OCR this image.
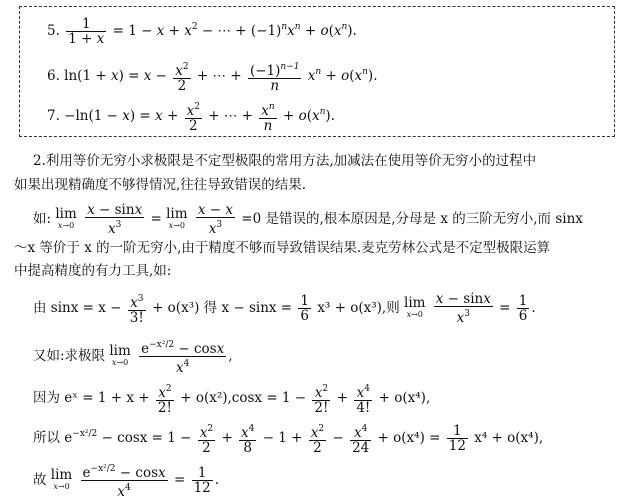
5. $\frac{1}{1 + x} = 1 - x + x^2$ − ⋯ + $(-1)^nx^n + o(x^n)$.
6. $\ln(1 + x) = x - \frac{x^2}{2}$ + ⋯ + $\frac{(-1)^{n-1}}{n} x^n + o(x^n)$.
7. $-\ln(1 - x) = x + \frac{x^2}{2}$ + ⋯ + $\frac{x^n}{n} + o(x^n)$.
2.利用等价无穷小求极限是不定型极限的常用方法,加减法在使用等价无穷小的过程中
如果出现精确度不够得情况,往往导致错误的结果.
如: lim
x→0
$\frac{x - \sin x}{x^3} = \lim$
x→0
$\frac{x - x}{x^3} =0$ 是错误的,根本原因是,分母是 x 的三阶无穷小,而 sinx
～x 等价于 x 的一阶无穷小,由于精度不够而导致错误结果.麦克劳林公式是不定型极限运算
中提高精度的有力工具,如:
由 $\sin x = x - \frac{x^3}{3!} + o(x^3)$ 得 $x - \sin x = \frac{1}{6} x^3 + o(x^3)$,则 lim
x→0
$\frac{x - \sin x}{x^3} = \frac{1}{6}$ .
又如:求极限 lim
x→0
$\frac{e^{-x^2/2} - \cos x}{x^4}$ ,
因为 eˣ = $1 + x + \frac{x^2}{2!} + o(x^2),\cos x = 1 - \frac{x^2}{2!} + \frac{x^4}{4!} + o(x^4)$,
所以 $e^{-x^2/2} - \cos x = 1 - \frac{x^2}{2} + \frac{x^4}{8} - 1 + \frac{x^2}{2} - \frac{x^4}{24} + o(x^4) = \frac{1}{12} x^4 + o(x^4)$,
故 lim
x→0
$\frac{e^{-x^2/2} - \cos x}{x^4} = \frac{1}{12}$ .
